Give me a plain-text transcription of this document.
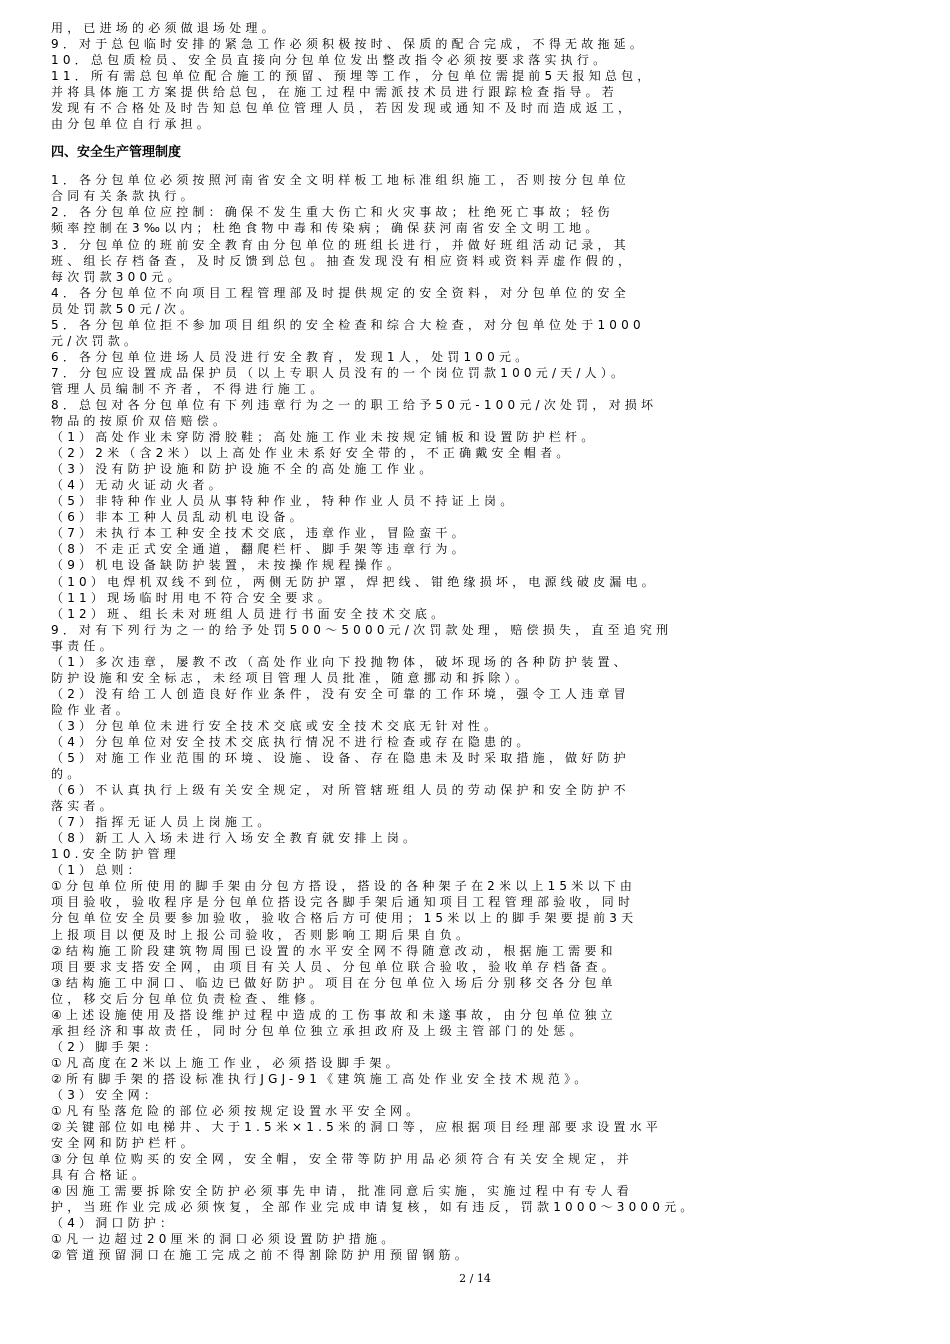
用，已进场的必须做退场处理。
9．对于总包临时安排的紧急工作必须积极按时、保质的配合完成，不得无故拖延。
10．总包质检员、安全员直接向分包单位发出整改指令必须按要求落实执行。
11．所有需总包单位配合施工的预留、预埋等工作，分包单位需提前5天报知总包，
并将具体施工方案提供给总包，在施工过程中需派技术员进行跟踪检查指导。若
发现有不合格处及时告知总包单位管理人员，若因发现或通知不及时而造成返工，
由分包单位自行承担。
四、安全生产管理制度
1．各分包单位必须按照河南省安全文明样板工地标准组织施工，否则按分包单位
合同有关条款执行。
2．各分包单位应控制：确保不发生重大伤亡和火灾事故；杜绝死亡事故；轻伤
频率控制在3‰以内；杜绝食物中毒和传染病；确保获河南省安全文明工地。
3．分包单位的班前安全教育由分包单位的班组长进行，并做好班组活动记录，其
班、组长存档备查，及时反馈到总包。抽查发现没有相应资料或资料弄虚作假的，
每次罚款300元。
4．各分包单位不向项目工程管理部及时提供规定的安全资料，对分包单位的安全
员处罚款50元/次。
5．各分包单位拒不参加项目组织的安全检查和综合大检查，对分包单位处于1000
元/次罚款。
6．各分包单位进场人员没进行安全教育，发现1人，处罚100元。
7．分包应设置成品保护员（以上专职人员没有的一个岗位罚款100元/天/人）。
管理人员编制不齐者，不得进行施工。
8．总包对各分包单位有下列违章行为之一的职工给予50元-100元/次处罚，对损坏
物品的按原价双倍赔偿。
（1）高处作业未穿防滑胶鞋；高处施工作业未按规定铺板和设置防护栏杆。
（2）2米（含2米）以上高处作业未系好安全带的，不正确戴安全帽者。
（3）没有防护设施和防护设施不全的高处施工作业。
（4）无动火证动火者。
（5）非特种作业人员从事特种作业，特种作业人员不持证上岗。
（6）非本工种人员乱动机电设备。
（7）未执行本工种安全技术交底，违章作业，冒险蛮干。
（8）不走正式安全通道，翻爬栏杆、脚手架等违章行为。
（9）机电设备缺防护装置，未按操作规程操作。
（10）电焊机双线不到位，两侧无防护罩，焊把线、钳绝缘损坏，电源线破皮漏电。
（11）现场临时用电不符合安全要求。
（12）班、组长未对班组人员进行书面安全技术交底。
9．对有下列行为之一的给予处罚500～5000元/次罚款处理，赔偿损失，直至追究刑
事责任。
（1）多次违章，屡教不改（高处作业向下投抛物体，破坏现场的各种防护装置、
防护设施和安全标志，未经项目管理人员批准，随意挪动和拆除）。
（2）没有给工人创造良好作业条件，没有安全可靠的工作环境，强令工人违章冒
险作业者。
（3）分包单位未进行安全技术交底或安全技术交底无针对性。
（4）分包单位对安全技术交底执行情况不进行检查或存在隐患的。
（5）对施工作业范围的环境、设施、设备、存在隐患未及时采取措施，做好防护
的。
（6）不认真执行上级有关安全规定，对所管辖班组人员的劳动保护和安全防护不
落实者。
（7）指挥无证人员上岗施工。
（8）新工人入场未进行入场安全教育就安排上岗。
10.安全防护管理
（1）总则：
①分包单位所使用的脚手架由分包方搭设，搭设的各种架子在2米以上15米以下由
项目验收，验收程序是分包单位搭设完各脚手架后通知项目工程管理部验收，同时
分包单位安全员要参加验收，验收合格后方可使用；15米以上的脚手架要提前3天
上报项目以便及时上报公司验收，否则影响工期后果自负。
②结构施工阶段建筑物周围已设置的水平安全网不得随意改动，根据施工需要和
项目要求支搭安全网，由项目有关人员、分包单位联合验收，验收单存档备查。
③结构施工中洞口、临边已做好防护。项目在分包单位入场后分别移交各分包单
位，移交后分包单位负责检查、维修。
④上述设施使用及搭设维护过程中造成的工伤事故和未遂事故，由分包单位独立
承担经济和事故责任，同时分包单位独立承担政府及上级主管部门的处惩。
（2）脚手架：
①凡高度在2米以上施工作业，必须搭设脚手架。
②所有脚手架的搭设标准执行JGJ-91《建筑施工高处作业安全技术规范》。
（3）安全网：
①凡有坠落危险的部位必须按规定设置水平安全网。
②关键部位如电梯井、大于1.5米×1.5米的洞口等，应根据项目经理部要求设置水平
安全网和防护栏杆。
③分包单位购买的安全网，安全帽，安全带等防护用品必须符合有关安全规定，并
具有合格证。
④因施工需要拆除安全防护必须事先申请，批准同意后实施，实施过程中有专人看
护，当班作业完成必须恢复，全部作业完成申请复核，如有违反，罚款1000～3000元。
（4）洞口防护：
①凡一边超过20厘米的洞口必须设置防护措施。
②管道预留洞口在施工完成之前不得割除防护用预留钢筋。
2 / 14
